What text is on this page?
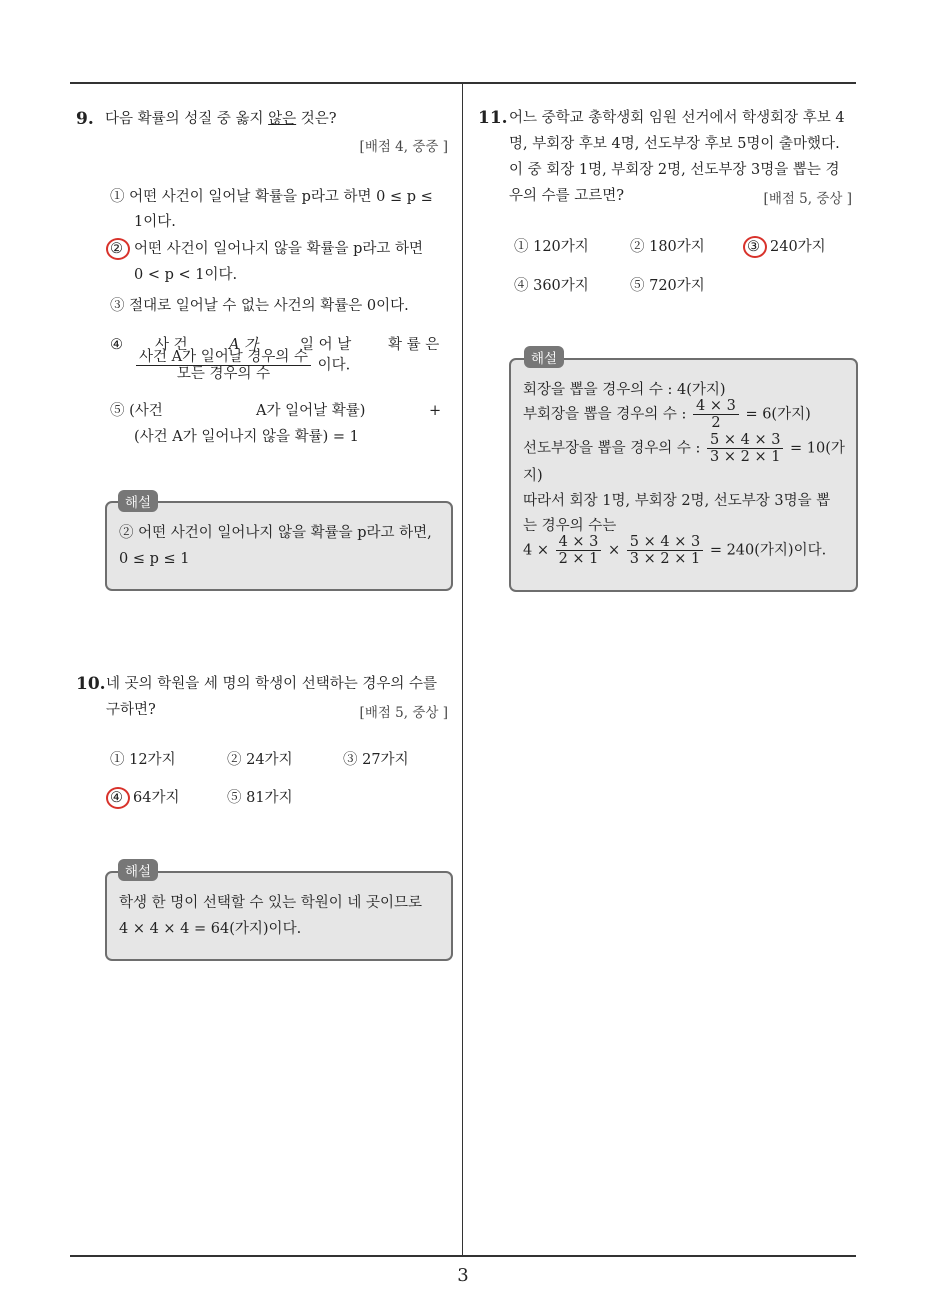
9. 다음 확률의 성질 중 옳지 않은 것은?
[배점 4, 중중 ]
① 어떤 사건이 일어날 확률을 p라고 하면 0 ≤ p ≤
1이다.
② 어떤 사건이 일어나지 않을 확률을 p라고 하면
0 < p < 1이다.
③ 절대로 일어날 수 없는 사건의 확률은 0이다.
④ 사 건	A 가	일 어 날	확 률 은
$\frac{\text{사건 A가 일어날 경우의 수}}{\text{모든 경우의 수}}$ 이다.
⑤ (사건	A가 일어날 확률)	+
(사건 A가 일어나지 않을 확률) = 1
② 어떤 사건이 일어나지 않을 확률을 p라고 하면,
0 ≤ p ≤ 1
해설
10. 네 곳의 학원을 세 명의 학생이 선택하는 경우의 수를
구하면?	[배점 5, 중상 ]
① 12가지	② 24가지	③ 27가지
④ 64가지	⑤ 81가지
학생 한 명이 선택할 수 있는 학원이 네 곳이므로
4 × 4 × 4 = 64(가지)이다.
해설
11. 어느 중학교 총학생회 임원 선거에서 학생회장 후보 4
명, 부회장 후보 4명, 선도부장 후보 5명이 출마했다.
이 중 회장 1명, 부회장 2명, 선도부장 3명을 뽑는 경
우의 수를 고르면?	[배점 5, 중상 ]
① 120가지	② 180가지	③ 240가지
④ 360가지	⑤ 720가지
회장을 뽑을 경우의 수 : 4(가지)
부회장을 뽑을 경우의 수 : $\frac{4 \times 3}{2} = 6$(가지)
선도부장을 뽑을 경우의 수 : $\frac{5 \times 4 \times 3}{3 \times 2 \times 1} = 10$(가
지)
따라서 회장 1명, 부회장 2명, 선도부장 3명을 뽑
는 경우의 수는
$4 \times \frac{4 \times 3}{2 \times 1} \times \frac{5 \times 4 \times 3}{3 \times 2 \times 1} = 240$(가지)이다.
해설
3
